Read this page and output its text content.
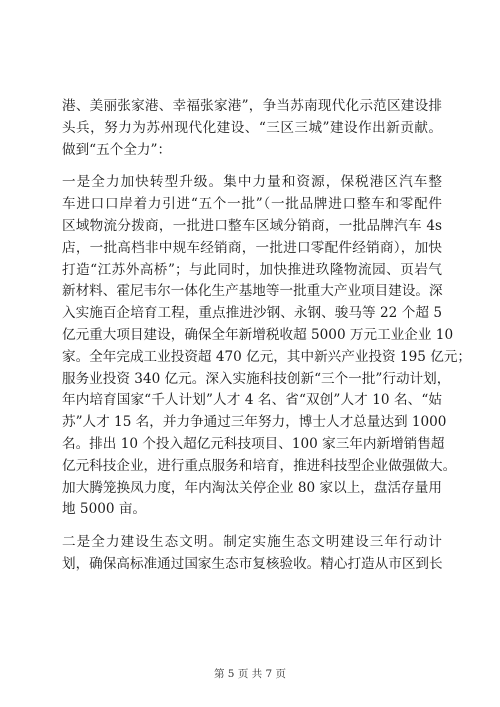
港、美丽张家港、幸福张家港”，争当苏南现代化示范区建设排
头兵，努力为苏州现代化建设、“三区三城”建设作出新贡献。
做到“五个全力”：
一是全力加快转型升级。集中力量和资源，保税港区汽车整
车进口口岸着力引进“五个一批”（一批品牌进口整车和零配件
区域物流分拨商，一批进口整车区域分销商，一批品牌汽车 4s
店，一批高档非中规车经销商，一批进口零配件经销商），加快
打造“江苏外高桥”；与此同时，加快推进玖隆物流园、页岩气
新材料、霍尼韦尔一体化生产基地等一批重大产业项目建设。深
入实施百企培育工程，重点推进沙钢、永钢、骏马等 22 个超 5
亿元重大项目建设，确保全年新增税收超 5000 万元工业企业 10
家。全年完成工业投资超 470 亿元，其中新兴产业投资 195 亿元；
服务业投资 340 亿元。深入实施科技创新“三个一批”行动计划，
年内培育国家“千人计划”人才 4 名、省“双创”人才 10 名、“姑
苏”人才 15 名，并力争通过三年努力，博士人才总量达到 1000
名。排出 10 个投入超亿元科技项目、100 家三年内新增销售超
亿元科技企业，进行重点服务和培育，推进科技型企业做强做大。
加大腾笼换凤力度，年内淘汰关停企业 80 家以上，盘活存量用
地 5000 亩。
二是全力建设生态文明。制定实施生态文明建设三年行动计
划，确保高标准通过国家生态市复核验收。精心打造从市区到长
第 5 页 共 7 页
